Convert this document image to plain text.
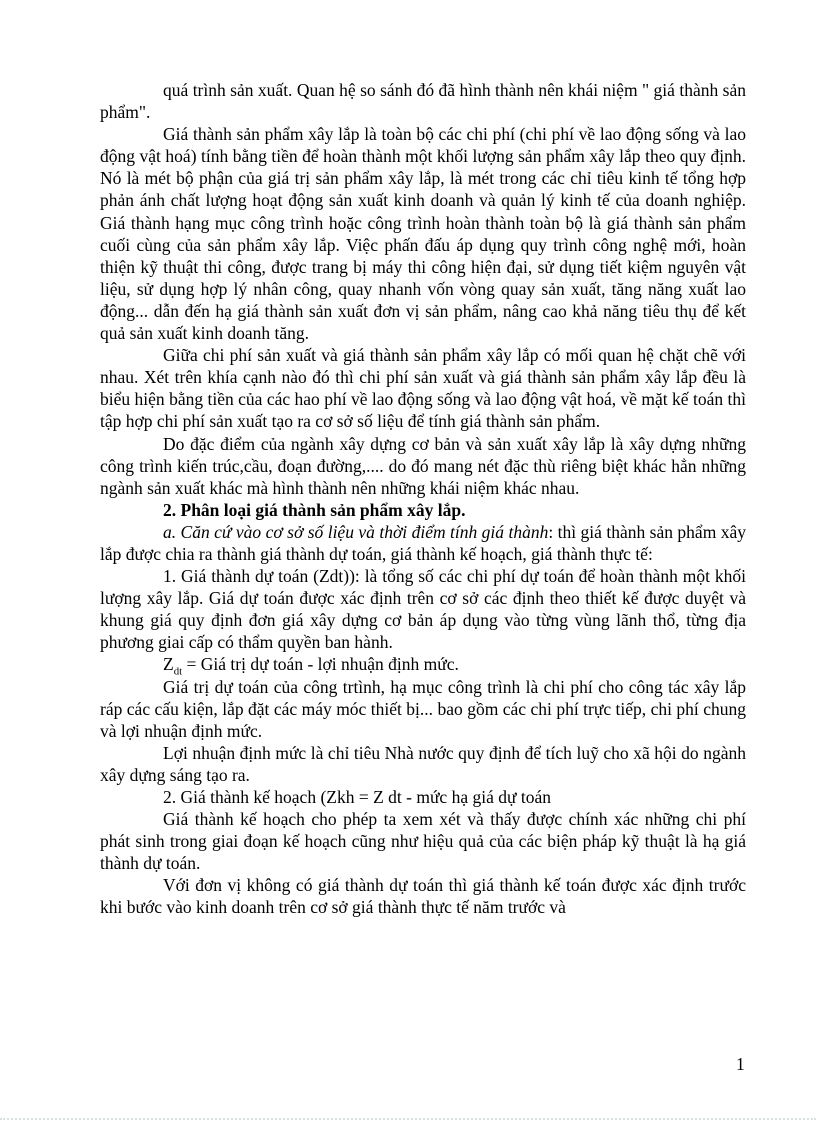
quá trình sản xuất. Quan hệ so sánh đó đã hình thành nên khái niệm " giá thành sản phẩm".

Giá thành sản phẩm xây lắp là toàn bộ các chi phí (chi phí về lao động sống và lao động vật hoá) tính bằng tiền để hoàn thành một khối lượng sản phẩm xây lắp theo quy định. Nó là mét bộ phận của giá trị sản phẩm xây lắp, là mét trong các chỉ tiêu kinh tế tổng hợp phản ánh chất lượng hoạt động sản xuất kinh doanh và quản lý kinh tế của doanh nghiệp. Giá thành hạng mục công trình hoặc công trình hoàn thành toàn bộ là giá thành sản phẩm cuối cùng của sản phẩm xây lắp. Việc phấn đấu áp dụng quy trình công nghệ mới, hoàn thiện kỹ thuật thi công, được trang bị máy thi công hiện đại, sử dụng tiết kiệm nguyên vật liệu, sử dụng hợp lý nhân công, quay nhanh vốn vòng quay sản xuất, tăng năng xuất lao động... dẫn đến hạ giá thành sản xuất đơn vị sản phẩm, nâng cao khả năng tiêu thụ để kết quả sản xuất kinh doanh tăng.

Giữa chi phí sản xuất và giá thành sản phẩm xây lắp có mối quan hệ chặt chẽ với nhau. Xét trên khía cạnh nào đó thì chi phí sản xuất và giá thành sản phẩm xây lắp đều là biểu hiện bằng tiền của các hao phí về lao động sống và lao động vật hoá, về mặt kế toán thì tập hợp chi phí sản xuất tạo ra cơ sở số liệu để tính giá thành sản phẩm.

Do đặc điểm của ngành xây dựng cơ bản và sản xuất xây lắp là xây dựng những công trình kiến trúc,cầu, đoạn đường,.... do đó mang nét đặc thù riêng biệt khác hẳn những ngành sản xuất khác mà hình thành nên những khái niệm khác nhau.

2. Phân loại giá thành sản phẩm xây lắp.

a. Căn cứ vào cơ sở số liệu và thời điểm tính giá thành: thì giá thành sản phẩm xây lắp được chia ra thành giá thành dự toán, giá thành kế hoạch, giá thành thực tế:

1. Giá thành dự toán (Zdt)): là tổng số các chi phí dự toán để hoàn thành một khối lượng xây lắp. Giá dự toán được xác định trên cơ sở các định theo thiết kế được duyệt và khung giá quy định đơn giá xây dựng cơ bản áp dụng vào từng vùng lãnh thổ, từng địa phương giai cấp có thẩm quyền ban hành.

$Z_{dt}$ = Giá trị dự toán - lợi nhuận định mức.

Giá trị dự toán của công trtình, hạ mục công trình là chi phí cho công tác xây lắp ráp các cấu kiện, lắp đặt các máy móc thiết bị... bao gồm các chi phí trực tiếp, chi phí chung và lợi nhuận định mức.

Lợi nhuận định mức là chỉ tiêu Nhà nước quy định để tích luỹ cho xã hội do ngành xây dựng sáng tạo ra.

2. Giá thành kế hoạch (Zkh = Z dt - mức hạ giá dự toán

Giá thành kế hoạch cho phép ta xem xét và thấy được chính xác những chi phí phát sinh trong giai đoạn kế hoạch cũng như hiệu quả của các biện pháp kỹ thuật là hạ giá thành dự toán.

Với đơn vị không có giá thành dự toán thì giá thành kế toán được xác định trước khi bước vào kinh doanh trên cơ sở giá thành thực tế năm trước và

1
